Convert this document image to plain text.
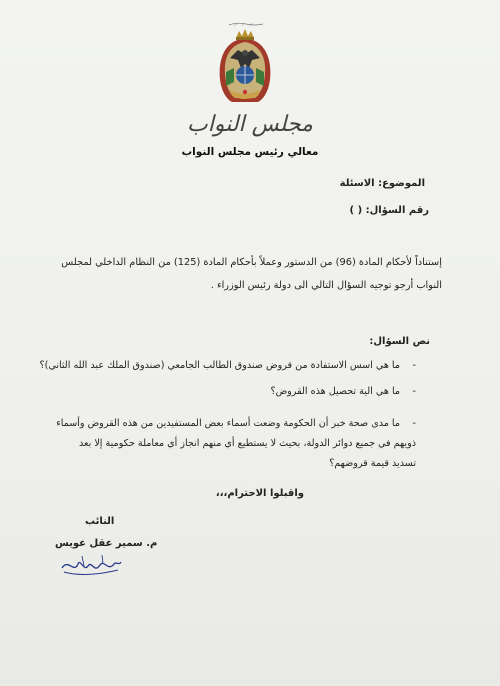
مجلس النواب
معالي رئيس مجلس النواب
الموضوع: الاسئلة
رقم السؤال: ( )
إستناداً لأحكام المادة (96) من الدستور وعملاً بأحكام المادة (125) من النظام الداخلي لمجلس
النواب أرجو توجيه السؤال التالي الى دولة رئيس الوزراء .
نص السؤال:
-
ما هي اسس الاستفادة من قروض صندوق الطالب الجامعي (صندوق الملك عبد الله الثاني)؟
-
ما هي الية تحصيل هذه القروض؟
-
ما مدى صحة خبر أن الحكومة وضعت أسماء بعض المستفيدين من هذه القروض وأسماء
ذويهم في جميع دوائر الدولة، بحيث لا يستطيع أي منهم انجاز أي معاملة حكومية إلا بعد
تسديد قيمة قروضهم؟
واقبلوا الاحترام،،،
النائب
م. سمير عقل عويس
